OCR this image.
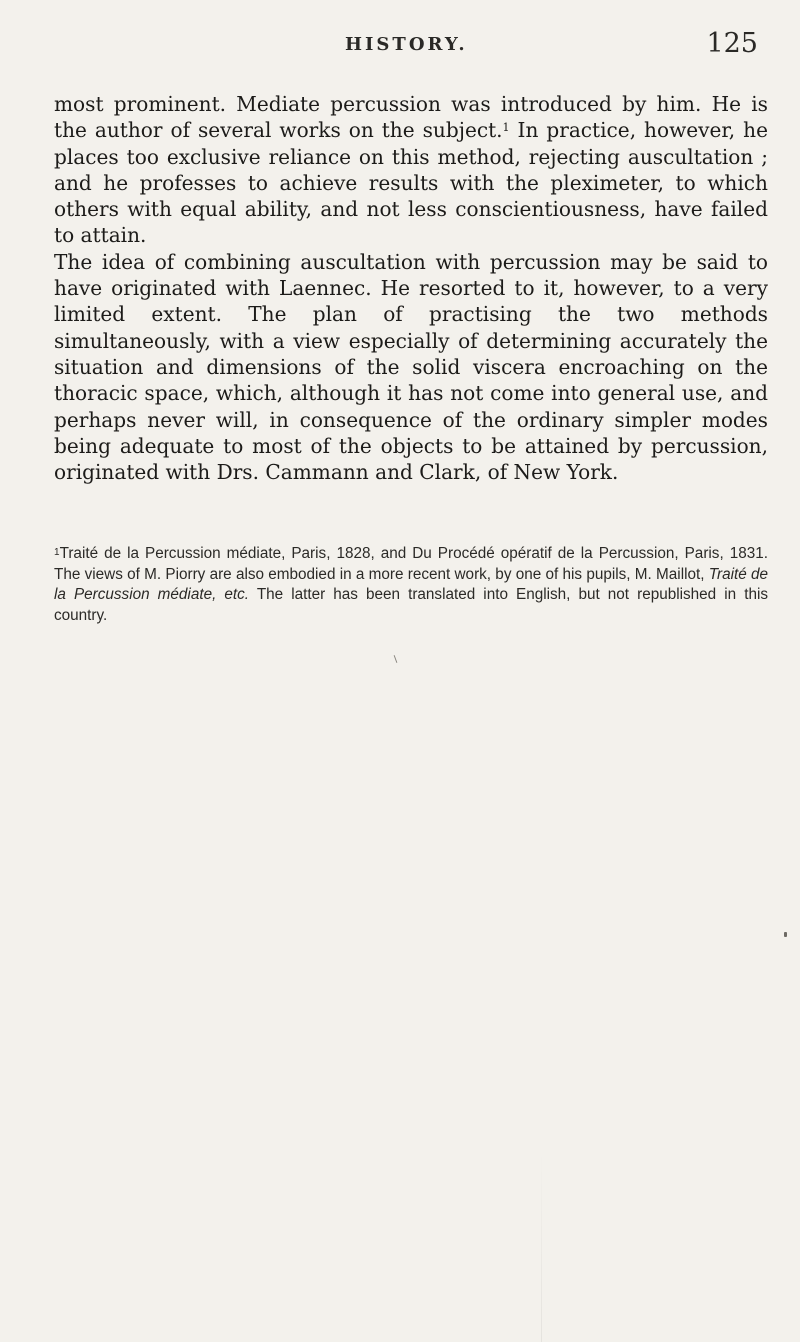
HISTORY.	125

most prominent. Mediate percussion was introduced by him. He is the author of several works on the subject.$^1$ In practice, however, he places too exclusive reliance on this method, rejecting auscultation ; and he professes to achieve results with the pleximeter, to which others with equal ability, and not less conscientiousness, have failed to attain.

The idea of combining auscultation with percussion may be said to have originated with Laennec. He resorted to it, however, to a very limited extent. The plan of practising the two methods simultaneously, with a view especially of determining accurately the situation and dimensions of the solid viscera encroaching on the thoracic space, which, although it has not come into general use, and perhaps never will, in consequence of the ordinary simpler modes being adequate to most of the objects to be attained by percussion, originated with Drs. Cammann and Clark, of New York.

$^1$Traité de la Percussion médiate, Paris, 1828, and Du Procédé opératif de la Percussion, Paris, 1831. The views of M. Piorry are also embodied in a more recent work, by one of his pupils, M. Maillot, Traité de la Percussion médiate, etc. The latter has been translated into English, but not republished in this country.
